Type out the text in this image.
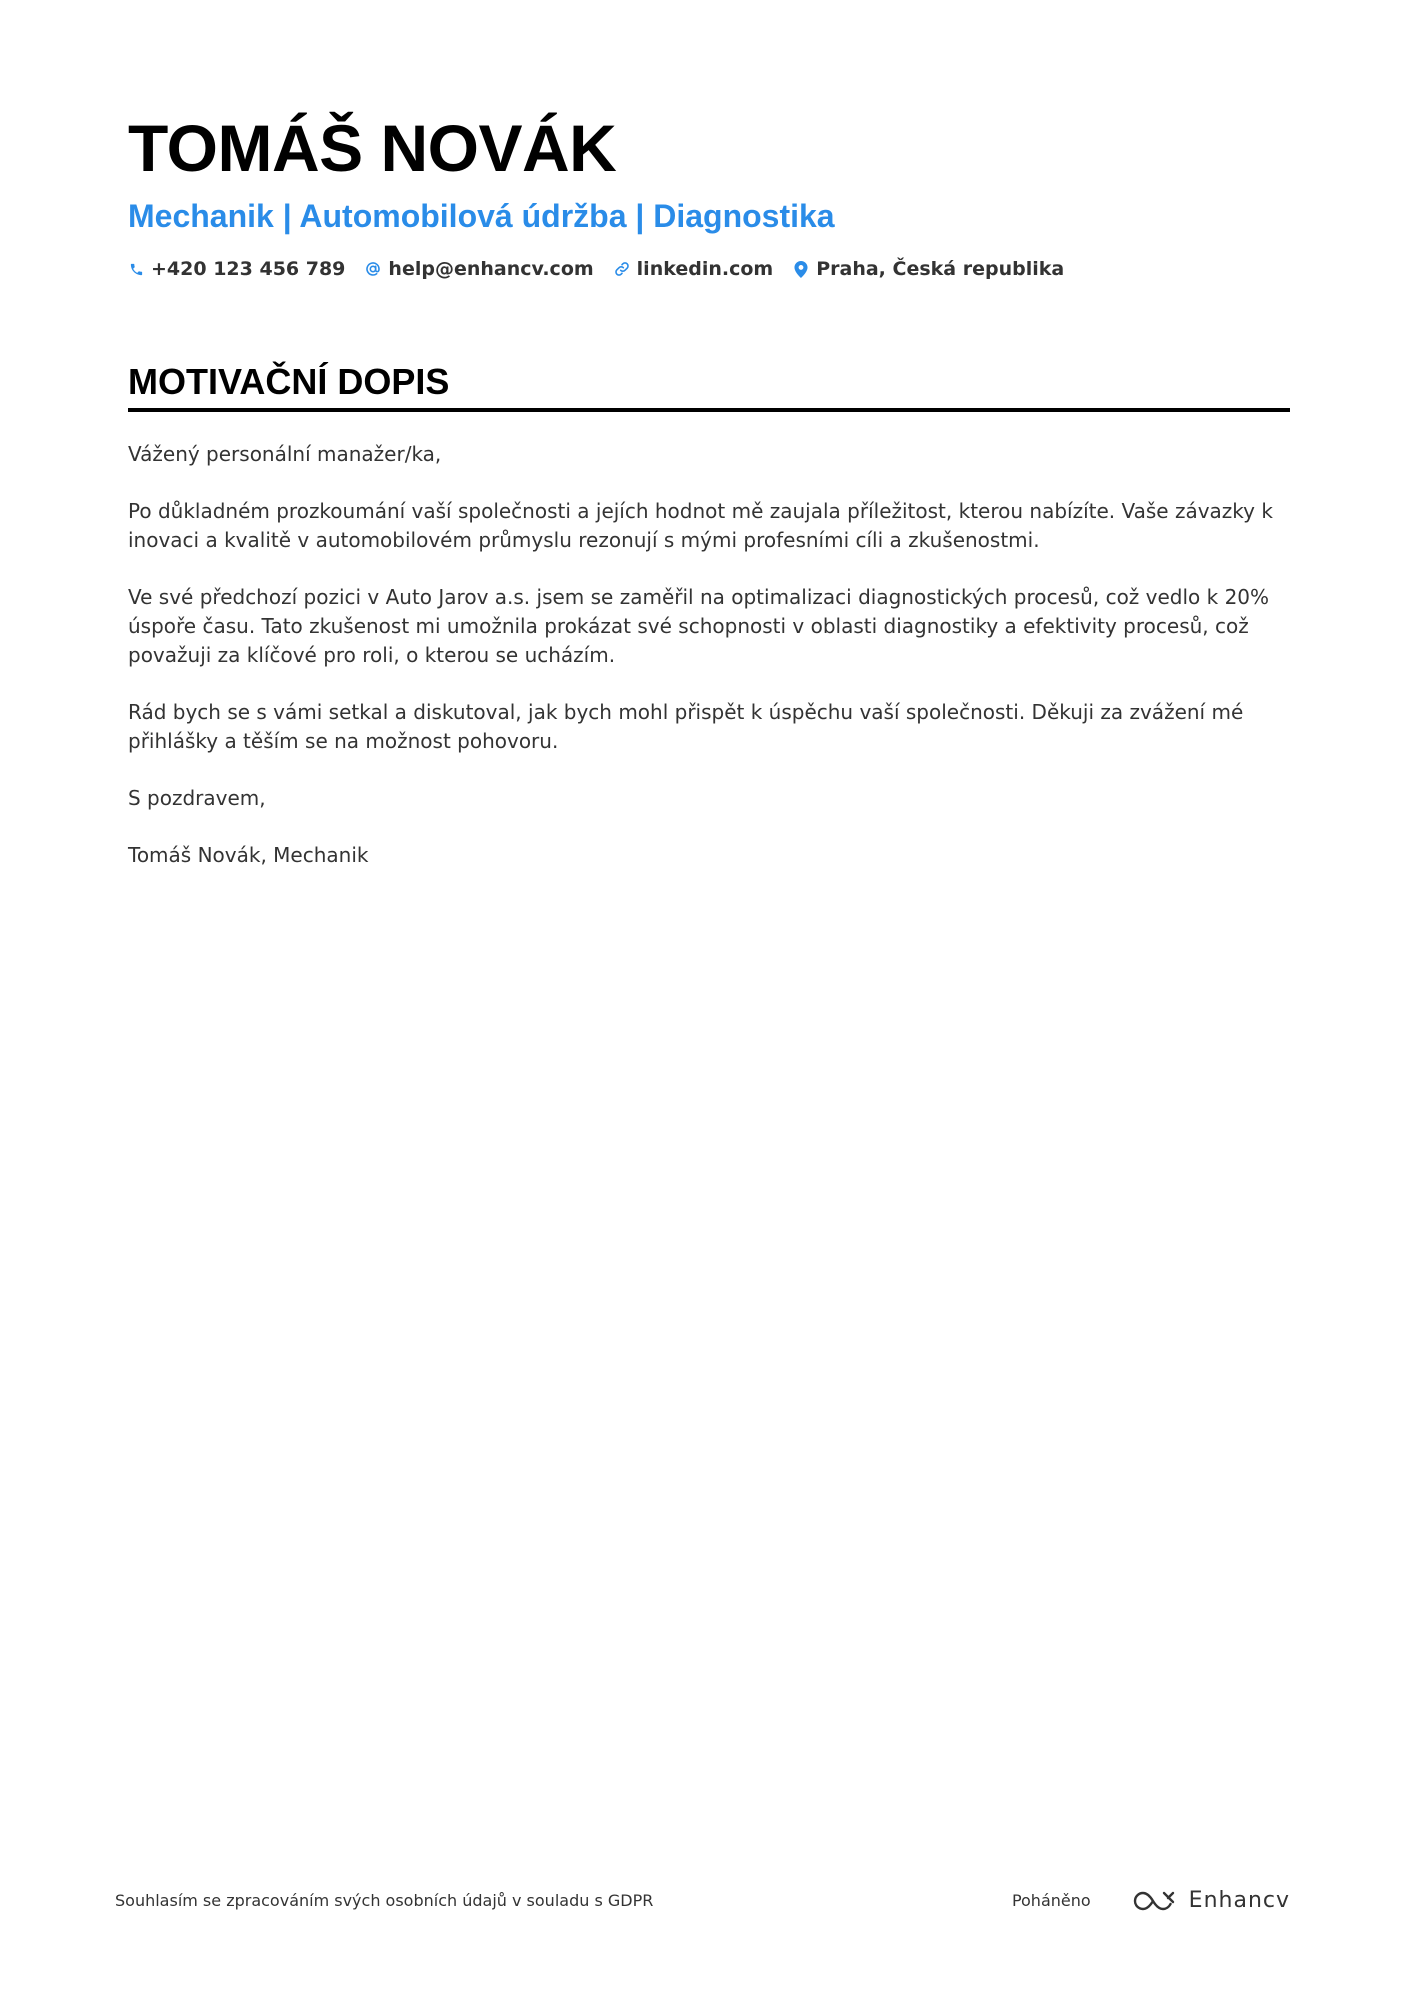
TOMÁŠ NOVÁK
Mechanik | Automobilová údržba | Diagnostika
+420 123 456 789 help@enhancv.com linkedin.com Praha, Česká republika
MOTIVAČNÍ DOPIS

Vážený personální manažer/ka,

Po důkladném prozkoumání vaší společnosti a jejích hodnot mě zaujala příležitost, kterou nabízíte. Vaše závazky k inovaci a kvalitě v automobilovém průmyslu rezonují s mými profesními cíli a zkušenostmi.

Ve své předchozí pozici v Auto Jarov a.s. jsem se zaměřil na optimalizaci diagnostických procesů, což vedlo k 20% úspoře času. Tato zkušenost mi umožnila prokázat své schopnosti v oblasti diagnostiky a efektivity procesů, což považuji za klíčové pro roli, o kterou se ucházím.

Rád bych se s vámi setkal a diskutoval, jak bych mohl přispět k úspěchu vaší společnosti. Děkuji za zvážení mé přihlášky a těším se na možnost pohovoru.

S pozdravem,

Tomáš Novák, Mechanik

Souhlasím se zpracováním svých osobních údajů v souladu s GDPR	Poháněno	Enhancv
